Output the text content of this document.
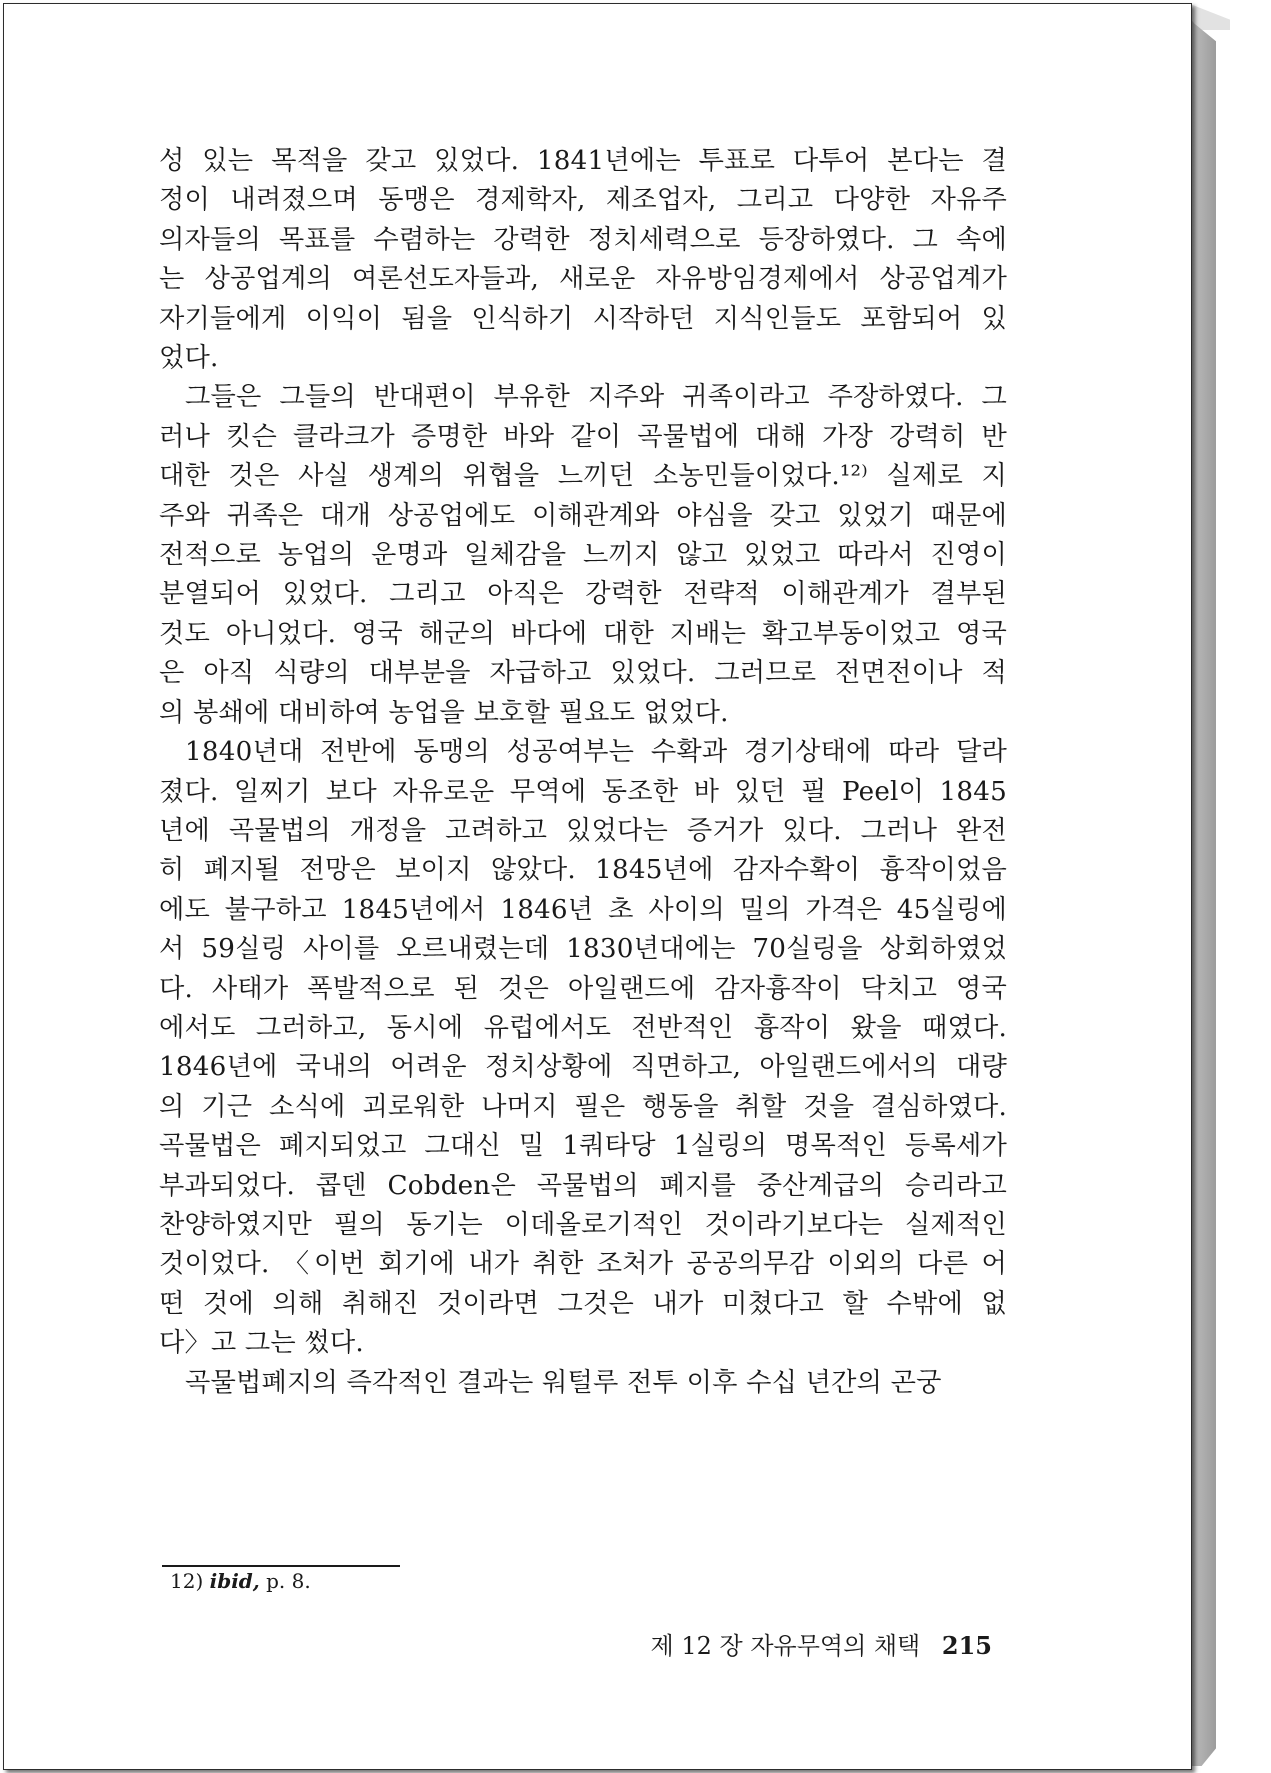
성 있는 목적을 갖고 있었다. 1841년에는 투표로 다투어 본다는 결
정이 내려졌으며 동맹은 경제학자, 제조업자, 그리고 다양한 자유주
의자들의 목표를 수렴하는 강력한 정치세력으로 등장하였다. 그 속에
는 상공업계의 여론선도자들과, 새로운 자유방임경제에서 상공업계가
자기들에게 이익이 됨을 인식하기 시작하던 지식인들도 포함되어 있
었다.
그들은 그들의 반대편이 부유한 지주와 귀족이라고 주장하였다. 그
러나 킷슨 클라크가 증명한 바와 같이 곡물법에 대해 가장 강력히 반
대한 것은 사실 생계의 위협을 느끼던 소농민들이었다.¹²⁾ 실제로 지
주와 귀족은 대개 상공업에도 이해관계와 야심을 갖고 있었기 때문에
전적으로 농업의 운명과 일체감을 느끼지 않고 있었고 따라서 진영이
분열되어 있었다. 그리고 아직은 강력한 전략적 이해관계가 결부된
것도 아니었다. 영국 해군의 바다에 대한 지배는 확고부동이었고 영국
은 아직 식량의 대부분을 자급하고 있었다. 그러므로 전면전이나 적
의 봉쇄에 대비하여 농업을 보호할 필요도 없었다.
1840년대 전반에 동맹의 성공여부는 수확과 경기상태에 따라 달라
졌다. 일찌기 보다 자유로운 무역에 동조한 바 있던 필 Peel이 1845
년에 곡물법의 개정을 고려하고 있었다는 증거가 있다. 그러나 완전
히 폐지될 전망은 보이지 않았다. 1845년에 감자수확이 흉작이었음
에도 불구하고 1845년에서 1846년 초 사이의 밀의 가격은 45실링에
서 59실링 사이를 오르내렸는데 1830년대에는 70실링을 상회하였었
다. 사태가 폭발적으로 된 것은 아일랜드에 감자흉작이 닥치고 영국
에서도 그러하고, 동시에 유럽에서도 전반적인 흉작이 왔을 때였다.
1846년에 국내의 어려운 정치상황에 직면하고, 아일랜드에서의 대량
의 기근 소식에 괴로워한 나머지 필은 행동을 취할 것을 결심하였다.
곡물법은 폐지되었고 그대신 밀 1쿼타당 1실링의 명목적인 등록세가
부과되었다. 콥덴 Cobden은 곡물법의 폐지를 중산계급의 승리라고
찬양하였지만 필의 동기는 이데올로기적인 것이라기보다는 실제적인
것이었다. 〈이번 회기에 내가 취한 조처가 공공의무감 이외의 다른 어
떤 것에 의해 취해진 것이라면 그것은 내가 미쳤다고 할 수밖에 없
다〉고 그는 썼다.
곡물법폐지의 즉각적인 결과는 워털루 전투 이후 수십 년간의 곤궁
12) ibid, p. 8.
제 12 장 자유무역의 채택 215
